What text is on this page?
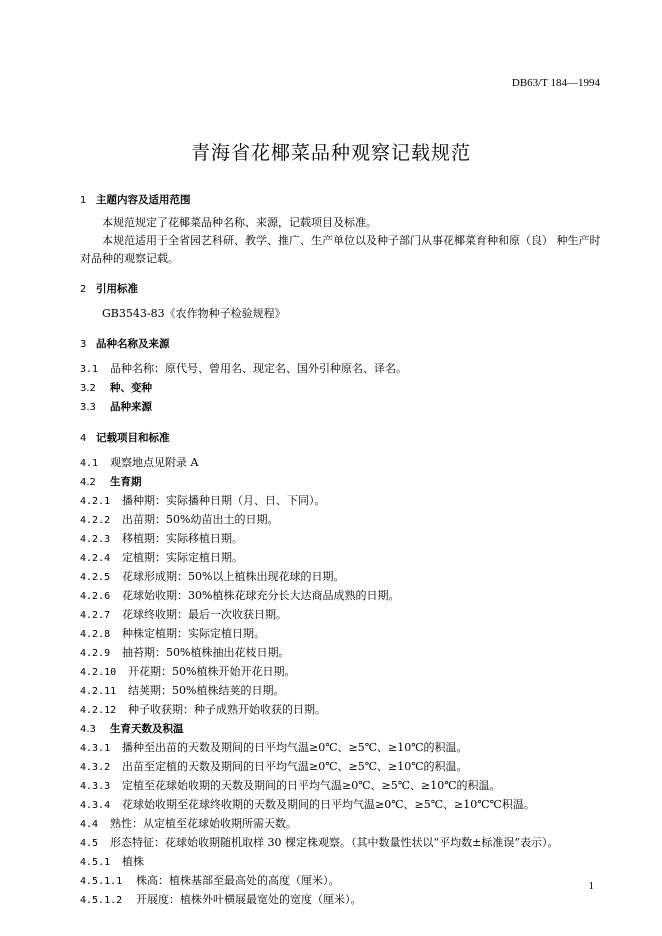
DB63/T 184—1994
青海省花椰菜品种观察记载规范
1 主题内容及适用范围
本规范规定了花椰菜品种名称、来源，记载项目及标准。
本规范适用于全省园艺科研、教学、推广、生产单位以及种子部门从事花椰菜育种和原（良） 种生产时对品种的观察记载。
2 引用标准
GB3543-83《农作物种子检验规程》
3 品种名称及来源
3.1	品种名称：原代号、曾用名、现定名、国外引种原名、译名。
3.2	种、变种
3.3	品种来源
4 记载项目和标准
4.1	观察地点见附录 A
4.2	生育期
4.2.1	播种期：实际播种日期（月、日、下同）。
4.2.2	出苗期：50%幼苗出土的日期。
4.2.3	移植期：实际移植日期。
4.2.4	定植期：实际定植日期。
4.2.5	花球形成期：50%以上植株出现花球的日期。
4.2.6	花球始收期：30%植株花球充分长大达商品成熟的日期。
4.2.7	花球终收期：最后一次收获日期。
4.2.8	种株定植期：实际定植日期。
4.2.9	抽苔期：50%植株抽出花枝日期。
4.2.10	开花期：50%植株开始开花日期。
4.2.11	结荚期：50%植株结荚的日期。
4.2.12	种子收获期：种子成熟开始收获的日期。
4.3	生育天数及积温
4.3.1	播种至出苗的天数及期间的日平均气温≥0℃、≥5℃、≥10℃的积温。
4.3.2	出苗至定植的天数及期间的日平均气温≥0℃、≥5℃、≥10℃的积温。
4.3.3	定植至花球始收期的天数及期间的日平均气温≥0℃、≥5℃、≥10℃的积温。
4.3.4	花球始收期至花球终收期的天数及期间的日平均气温≥0℃、≥5℃、≥10℃℃积温。
4.4	熟性：从定植至花球始收期所需天数。
4.5	形态特征：花球始收期随机取样 30 棵定株观察。（其中数量性状以“平均数±标准误”表示）。
4.5.1	植株
4.5.1.1	株高：植株基部至最高处的高度（厘米）。
4.5.1.2	开展度：植株外叶横展最宽处的宽度（厘米）。
1
